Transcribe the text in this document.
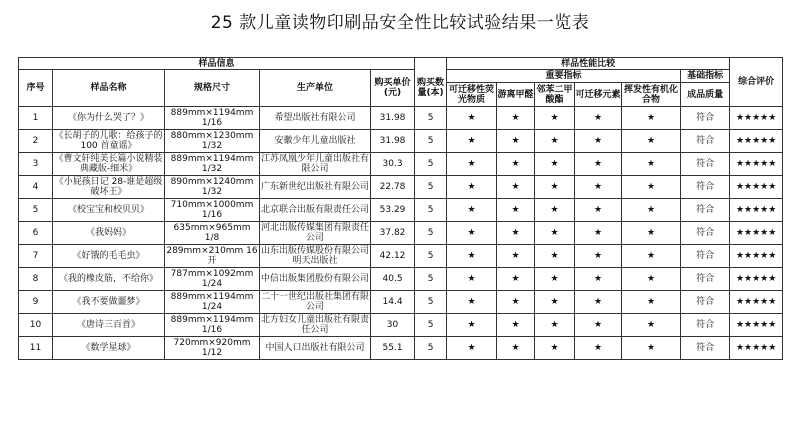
25 款儿童读物印刷品安全性比较试验结果一览表
样品信息						样品性能比较						综合评价
序号	样品名称	规格尺寸	生产单位	购买单价(元)	购买数量(本)	重要指标					基础指标	
						可迁移性荧光物质	游离甲醛	邻苯二甲酸酯	可迁移元素	挥发性有机化合物	成品质量	
1	《你为什么哭了？》	889mm×1194mm 1/16	希望出版社有限公司	31.98	5	★	★	★	★	★	符合	★★★★★
2	《长胡子的儿歌：给孩子的 100 首童谣》	880mm×1230mm 1/32	安徽少年儿童出版社	31.98	5	★	★	★	★	★	符合	★★★★★
3	《曹文轩纯美长篇小说精装典藏版-细米》	889mm×1194mm 1/32	江苏凤凰少年儿童出版社有限公司	30.3	5	★	★	★	★	★	符合	★★★★★
4	《小屁孩日记 28-谁是超级破坏王》	890mm×1240mm 1/32	广东新世纪出版社有限公司	22.78	5	★	★	★	★	★	符合	★★★★★
5	《校宝宝和校贝贝》	710mm×1000mm 1/16	北京联合出版有限责任公司	53.29	5	★	★	★	★	★	符合	★★★★★
6	《我妈妈》	635mm×965mm 1/8	河北出版传媒集团有限责任公司	37.82	5	★	★	★	★	★	符合	★★★★★
7	《好饿的毛毛虫》	289mm×210mm 16 开	山东出版传媒股份有限公司 明天出版社	42.12	5	★	★	★	★	★	符合	★★★★★
8	《我的橡皮筋，不给你》	787mm×1092mm 1/24	中信出版集团股份有限公司	40.5	5	★	★	★	★	★	符合	★★★★★
9	《我不要做噩梦》	889mm×1194mm 1/24	二十一世纪出版社集团有限公司	14.4	5	★	★	★	★	★	符合	★★★★★
10	《唐诗三百首》	889mm×1194mm 1/16	北方妇女儿童出版社有限责任公司	30	5	★	★	★	★	★	符合	★★★★★
11	《数学星球》	720mm×920mm 1/12	中国人口出版社有限公司	55.1	5	★	★	★	★	★	符合	★★★★★
